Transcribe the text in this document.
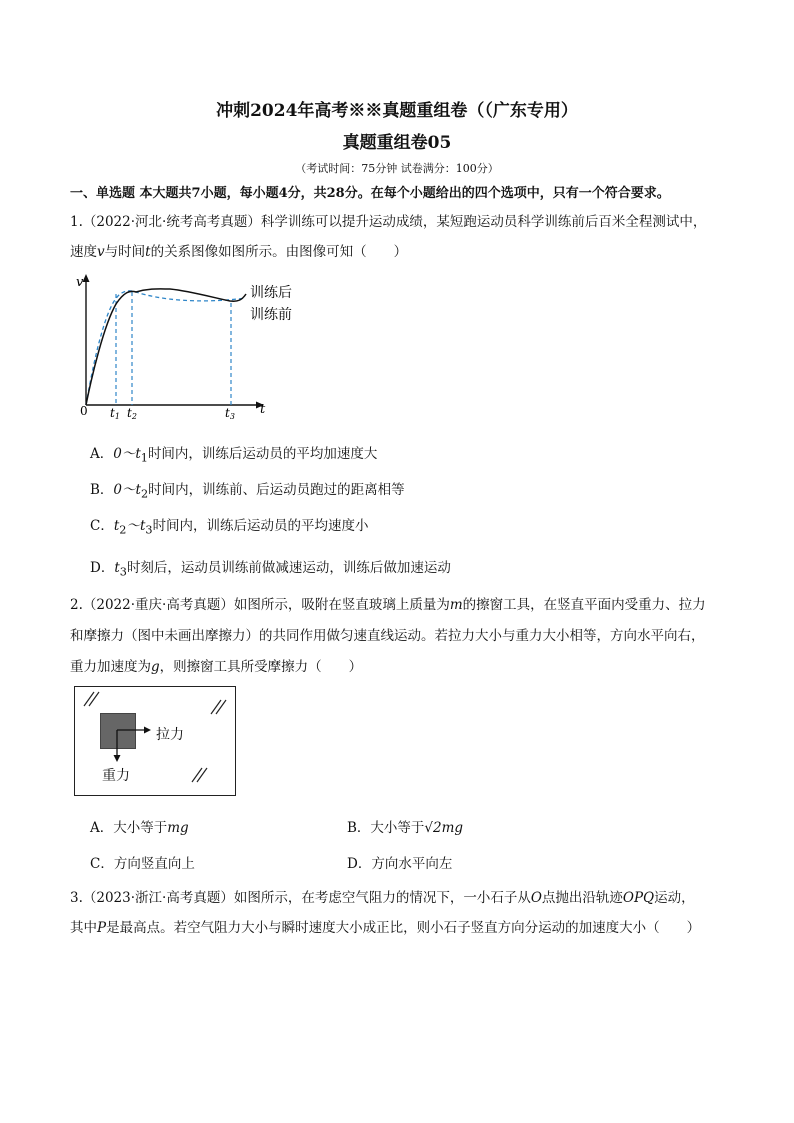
冲刺2024年高考※※真题重组卷（（广东专用）
真题重组卷05
（考试时间：75分钟 试卷满分：100分）
一、单选题 本大题共7小题，每小题4分，共28分。在每个小题给出的四个选项中，只有一个符合要求。
1.（2022·河北·统考高考真题）科学训练可以提升运动成绩，某短跑运动员科学训练前后百米全程测试中，
速度v与时间t的关系图像如图所示。由图像可知（　　）
v
0	t
t1 t2	t3
训练后
训练前
A．$0\sim t_1$时间内，训练后运动员的平均加速度大
B．$0\sim t_2$时间内，训练前、后运动员跑过的距离相等
C．$t_2\sim t_3$时间内，训练后运动员的平均速度小
D．$t_3$时刻后，运动员训练前做减速运动，训练后做加速运动
2.（2022·重庆·高考真题）如图所示，吸附在竖直玻璃上质量为m的擦窗工具，在竖直平面内受重力、拉力
和摩擦力（图中未画出摩擦力）的共同作用做匀速直线运动。若拉力大小与重力大小相等，方向水平向右，
重力加速度为g，则擦窗工具所受摩擦力（　　）
拉力
重力
A．大小等于mg	B．大小等于√2mg
C．方向竖直向上	D．方向水平向左
3.（2023·浙江·高考真题）如图所示，在考虑空气阻力的情况下，一小石子从O点抛出沿轨迹OPQ运动，
其中P是最高点。若空气阻力大小与瞬时速度大小成正比，则小石子竖直方向分运动的加速度大小（　　）
